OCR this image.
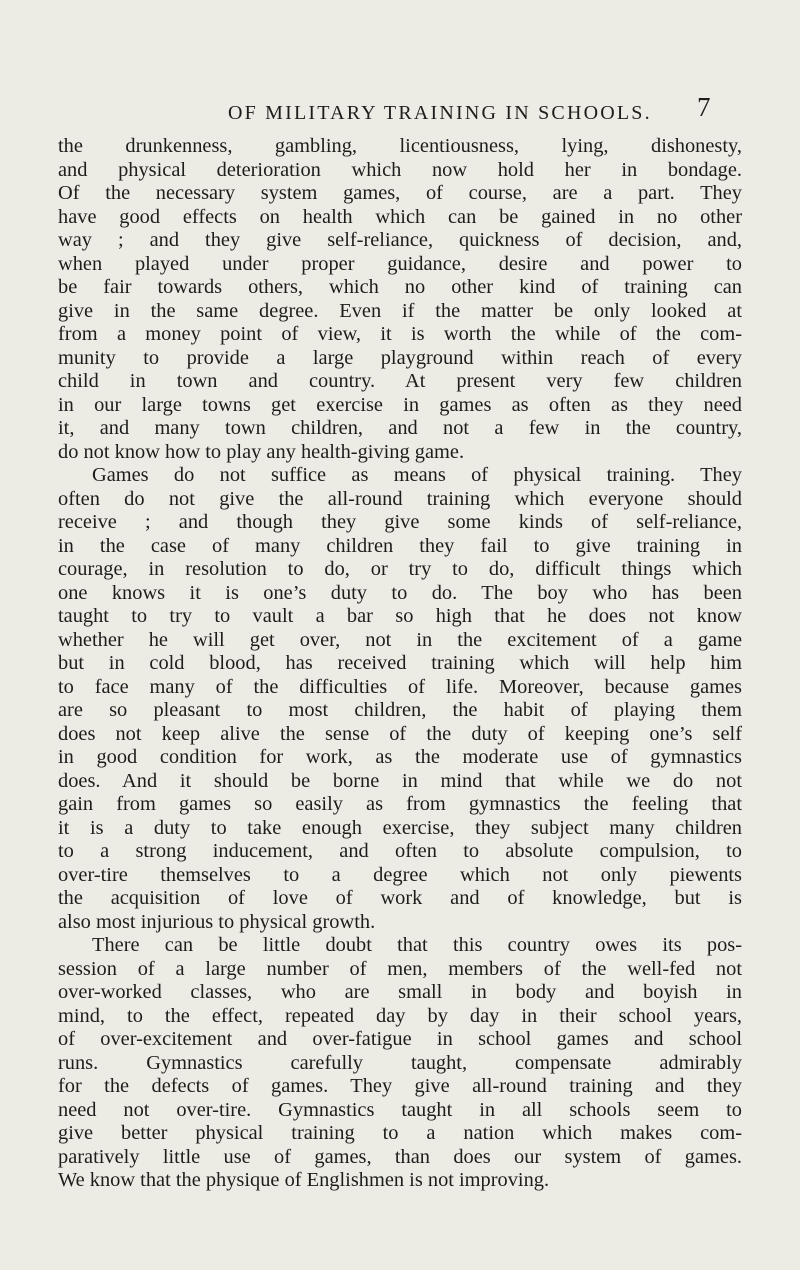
OF MILITARY TRAINING IN SCHOOLS. 7
the drunkenness, gambling, licentiousness, lying, dishonesty,
and physical deterioration which now hold her in bondage.
Of the necessary system games, of course, are a part. They
have good effects on health which can be gained in no other
way ; and they give self-reliance, quickness of decision, and,
when played under proper guidance, desire and power to
be fair towards others, which no other kind of training can
give in the same degree. Even if the matter be only looked at
from a money point of view, it is worth the while of the com-
munity to provide a large playground within reach of every
child in town and country. At present very few children
in our large towns get exercise in games as often as they need
it, and many town children, and not a few in the country,
do not know how to play any health-giving game.
Games do not suffice as means of physical training. They
often do not give the all-round training which everyone should
receive ; and though they give some kinds of self-reliance,
in the case of many children they fail to give training in
courage, in resolution to do, or try to do, difficult things which
one knows it is one’s duty to do. The boy who has been
taught to try to vault a bar so high that he does not know
whether he will get over, not in the excitement of a game
but in cold blood, has received training which will help him
to face many of the difficulties of life. Moreover, because games
are so pleasant to most children, the habit of playing them
does not keep alive the sense of the duty of keeping one’s self
in good condition for work, as the moderate use of gymnastics
does. And it should be borne in mind that while we do not
gain from games so easily as from gymnastics the feeling that
it is a duty to take enough exercise, they subject many children
to a strong inducement, and often to absolute compulsion, to
over-tire themselves to a degree which not only piewents
the acquisition of love of work and of knowledge, but is
also most injurious to physical growth.
There can be little doubt that this country owes its pos-
session of a large number of men, members of the well-fed not
over-worked classes, who are small in body and boyish in
mind, to the effect, repeated day by day in their school years,
of over-excitement and over-fatigue in school games and school
runs. Gymnastics carefully taught, compensate admirably
for the defects of games. They give all-round training and they
need not over-tire. Gymnastics taught in all schools seem to
give better physical training to a nation which makes com-
paratively little use of games, than does our system of games.
We know that the physique of Englishmen is not improving.
